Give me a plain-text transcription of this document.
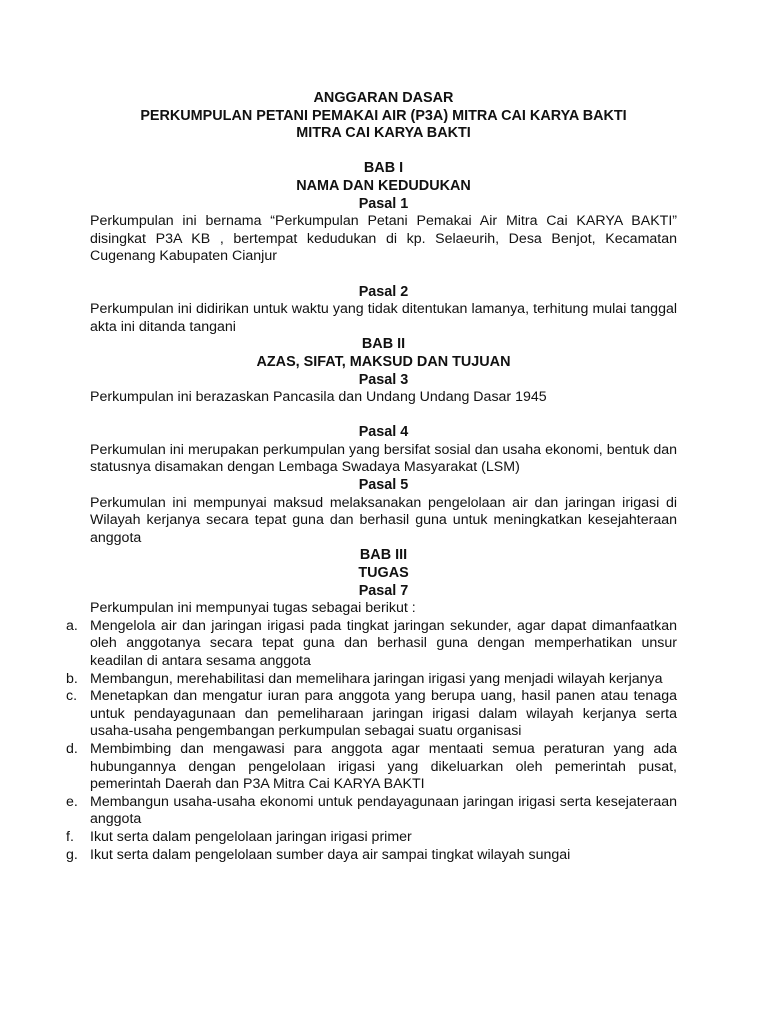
ANGGARAN DASAR
PERKUMPULAN PETANI PEMAKAI AIR (P3A) MITRA CAI KARYA BAKTI
MITRA CAI KARYA BAKTI
BAB I
NAMA DAN KEDUDUKAN
Pasal 1

Perkumpulan ini bernama “Perkumpulan Petani Pemakai Air Mitra Cai KARYA BAKTI” disingkat P3A KB , bertempat kedudukan di kp. Selaeurih, Desa Benjot, Kecamatan Cugenang Kabupaten Cianjur

Pasal 2

Perkumpulan ini didirikan untuk waktu yang tidak ditentukan lamanya, terhitung mulai tanggal akta ini ditanda tangani

BAB II
AZAS, SIFAT, MAKSUD DAN TUJUAN
Pasal 3

Perkumpulan ini berazaskan Pancasila dan Undang Undang Dasar 1945

Pasal 4

Perkumulan ini merupakan perkumpulan yang bersifat sosial dan usaha ekonomi, bentuk dan statusnya disamakan dengan Lembaga Swadaya Masyarakat (LSM)

Pasal 5

Perkumulan ini mempunyai maksud melaksanakan pengelolaan air dan jaringan irigasi di Wilayah kerjanya secara tepat guna dan berhasil guna untuk meningkatkan kesejahteraan anggota

BAB III
TUGAS
Pasal 7

Perkumpulan ini mempunyai tugas sebagai berikut :

a. Mengelola air dan jaringan irigasi pada tingkat jaringan sekunder, agar dapat dimanfaatkan oleh anggotanya secara tepat guna dan berhasil guna dengan memperhatikan unsur keadilan di antara sesama anggota
b. Membangun, merehabilitasi dan memelihara jaringan irigasi yang menjadi wilayah kerjanya
c. Menetapkan dan mengatur iuran para anggota yang berupa uang, hasil panen atau tenaga untuk pendayagunaan dan pemeliharaan jaringan irigasi dalam wilayah kerjanya serta usaha-usaha pengembangan perkumpulan sebagai suatu organisasi
d. Membimbing dan mengawasi para anggota agar mentaati semua peraturan yang ada hubungannya dengan pengelolaan irigasi yang dikeluarkan oleh pemerintah pusat, pemerintah Daerah dan P3A Mitra Cai KARYA BAKTI
e. Membangun usaha-usaha ekonomi untuk pendayagunaan jaringan irigasi serta kesejateraan anggota
f. Ikut serta dalam pengelolaan jaringan irigasi primer
g. Ikut serta dalam pengelolaan sumber daya air sampai tingkat wilayah sungai
